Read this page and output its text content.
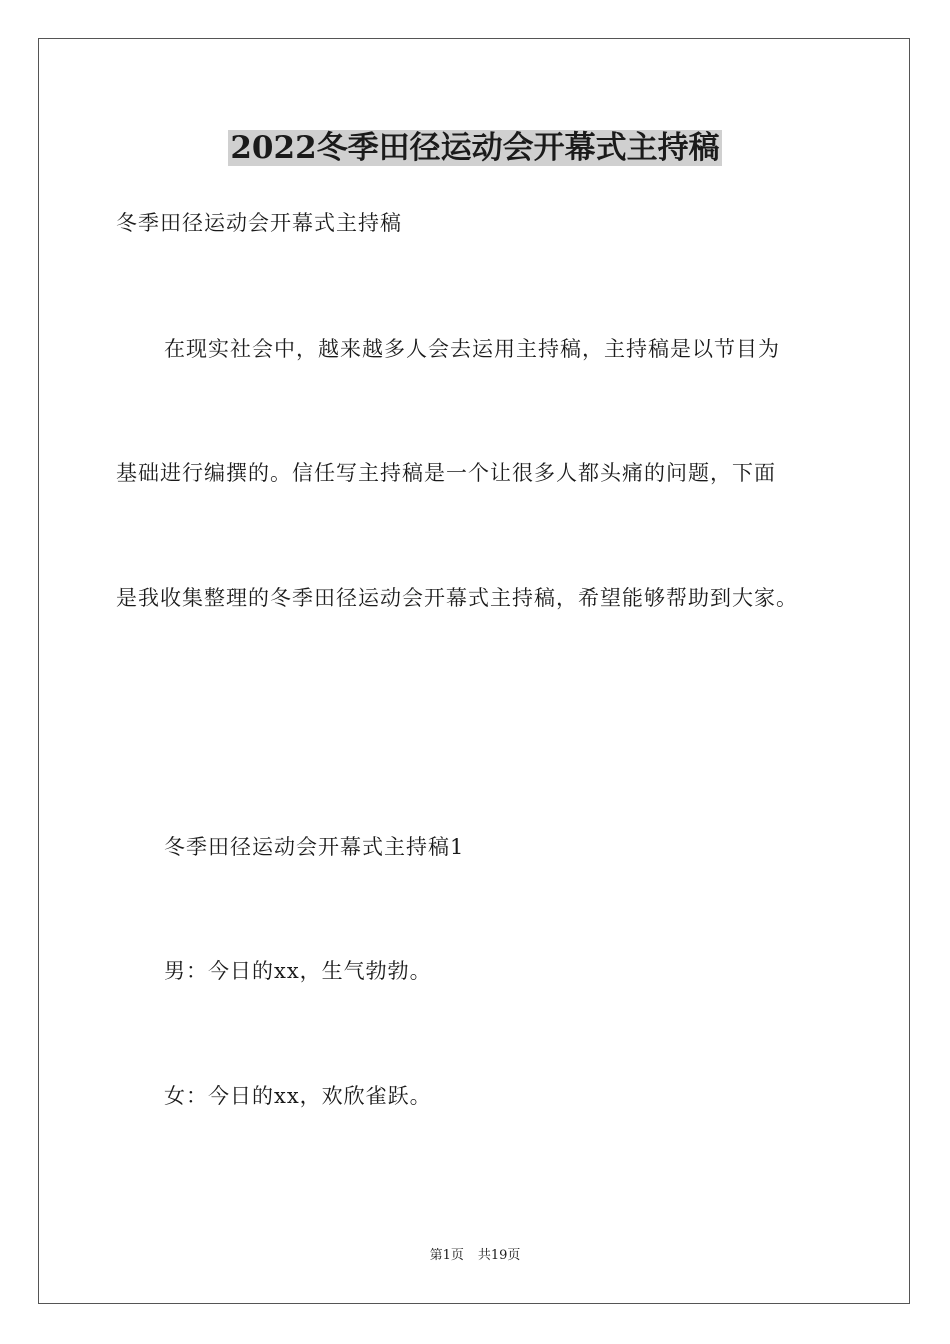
2022冬季田径运动会开幕式主持稿
冬季田径运动会开幕式主持稿
在现实社会中，越来越多人会去运用主持稿，主持稿是以节目为
基础进行编撰的。信任写主持稿是一个让很多人都头痛的问题，下面
是我收集整理的冬季田径运动会开幕式主持稿，希望能够帮助到大家。
冬季田径运动会开幕式主持稿1
男：今日的xx，生气勃勃。
女：今日的xx，欢欣雀跃。
第1页 共19页
